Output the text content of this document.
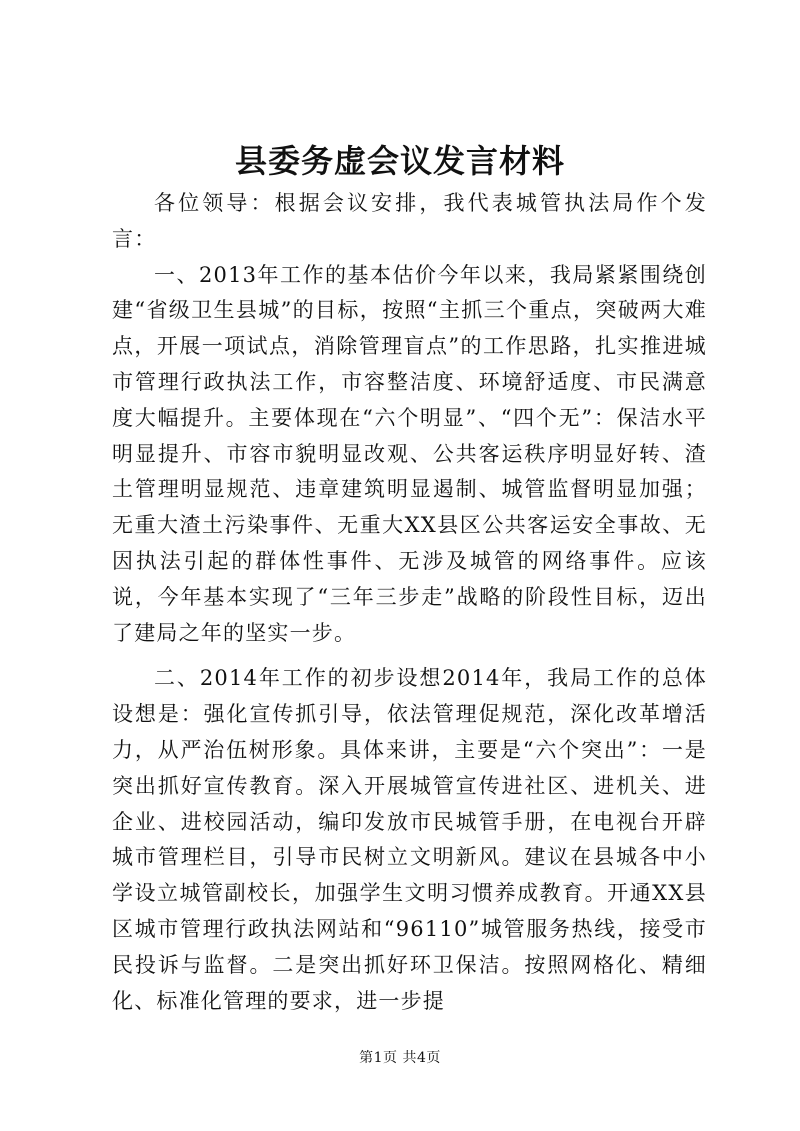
县委务虚会议发言材料

各位领导：根据会议安排，我代表城管执法局作个发言：

一、2013年工作的基本估价今年以来，我局紧紧围绕创建“省级卫生县城”的目标，按照“主抓三个重点，突破两大难点，开展一项试点，消除管理盲点”的工作思路，扎实推进城市管理行政执法工作，市容整洁度、环境舒适度、市民满意度大幅提升。主要体现在“六个明显”、“四个无”：保洁水平明显提升、市容市貌明显改观、公共客运秩序明显好转、渣土管理明显规范、违章建筑明显遏制、城管监督明显加强；无重大渣土污染事件、无重大XX县区公共客运安全事故、无因执法引起的群体性事件、无涉及城管的网络事件。应该说，今年基本实现了“三年三步走”战略的阶段性目标，迈出了建局之年的坚实一步。

二、2014年工作的初步设想2014年，我局工作的总体设想是：强化宣传抓引导，依法管理促规范，深化改革增活力，从严治伍树形象。具体来讲，主要是“六个突出”：一是突出抓好宣传教育。深入开展城管宣传进社区、进机关、进企业、进校园活动，编印发放市民城管手册，在电视台开辟城市管理栏目，引导市民树立文明新风。建议在县城各中小学设立城管副校长，加强学生文明习惯养成教育。开通XX县区城市管理行政执法网站和“96110”城管服务热线，接受市民投诉与监督。二是突出抓好环卫保洁。按照网格化、精细化、标准化管理的要求，进一步提

第1页 共4页
